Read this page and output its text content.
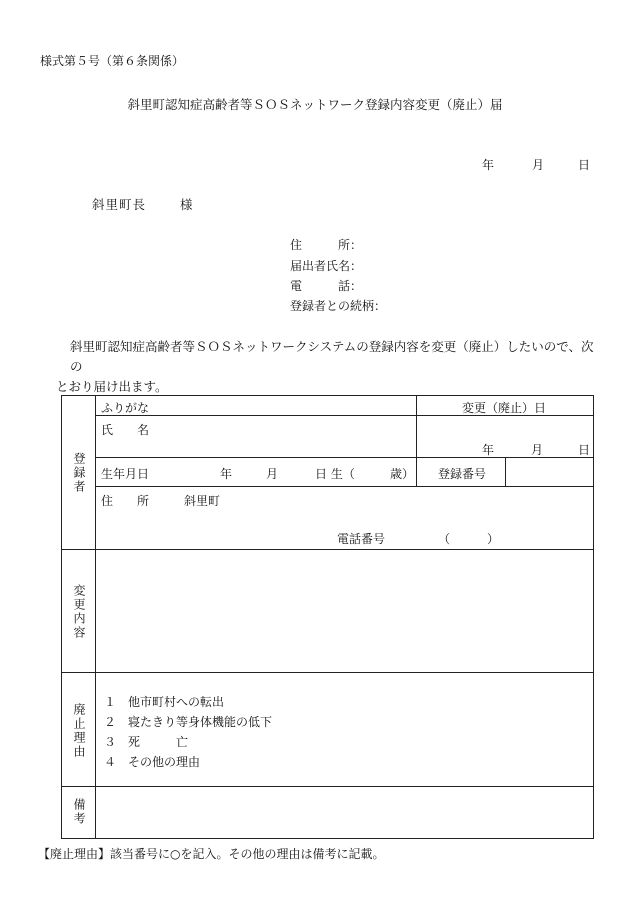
様式第５号（第６条関係）
斜里町認知症高齢者等ＳＯＳネットワーク登録内容変更（廃止）届
年	月	日
斜里町長	様
住　　　所：
届出者氏名：
電　　　話：
登録者との続柄：
斜里町認知症高齢者等ＳＯＳネットワークシステムの登録内容を変更（廃止）したいので、次の
とおり届け出ます。
登録者
ふりがな	変更（廃止）日
氏　　名
年	月	日
生年月日	年	月	日 生（	歳） 登録番号
住　　所	斜里町
電話番号	（	）
変更内容
廃止理由
１　他市町村への転出
２　寝たきり等身体機能の低下
３　死　　　亡
４　その他の理由
備考
【廃止理由】該当番号に○を記入。その他の理由は備考に記載。
